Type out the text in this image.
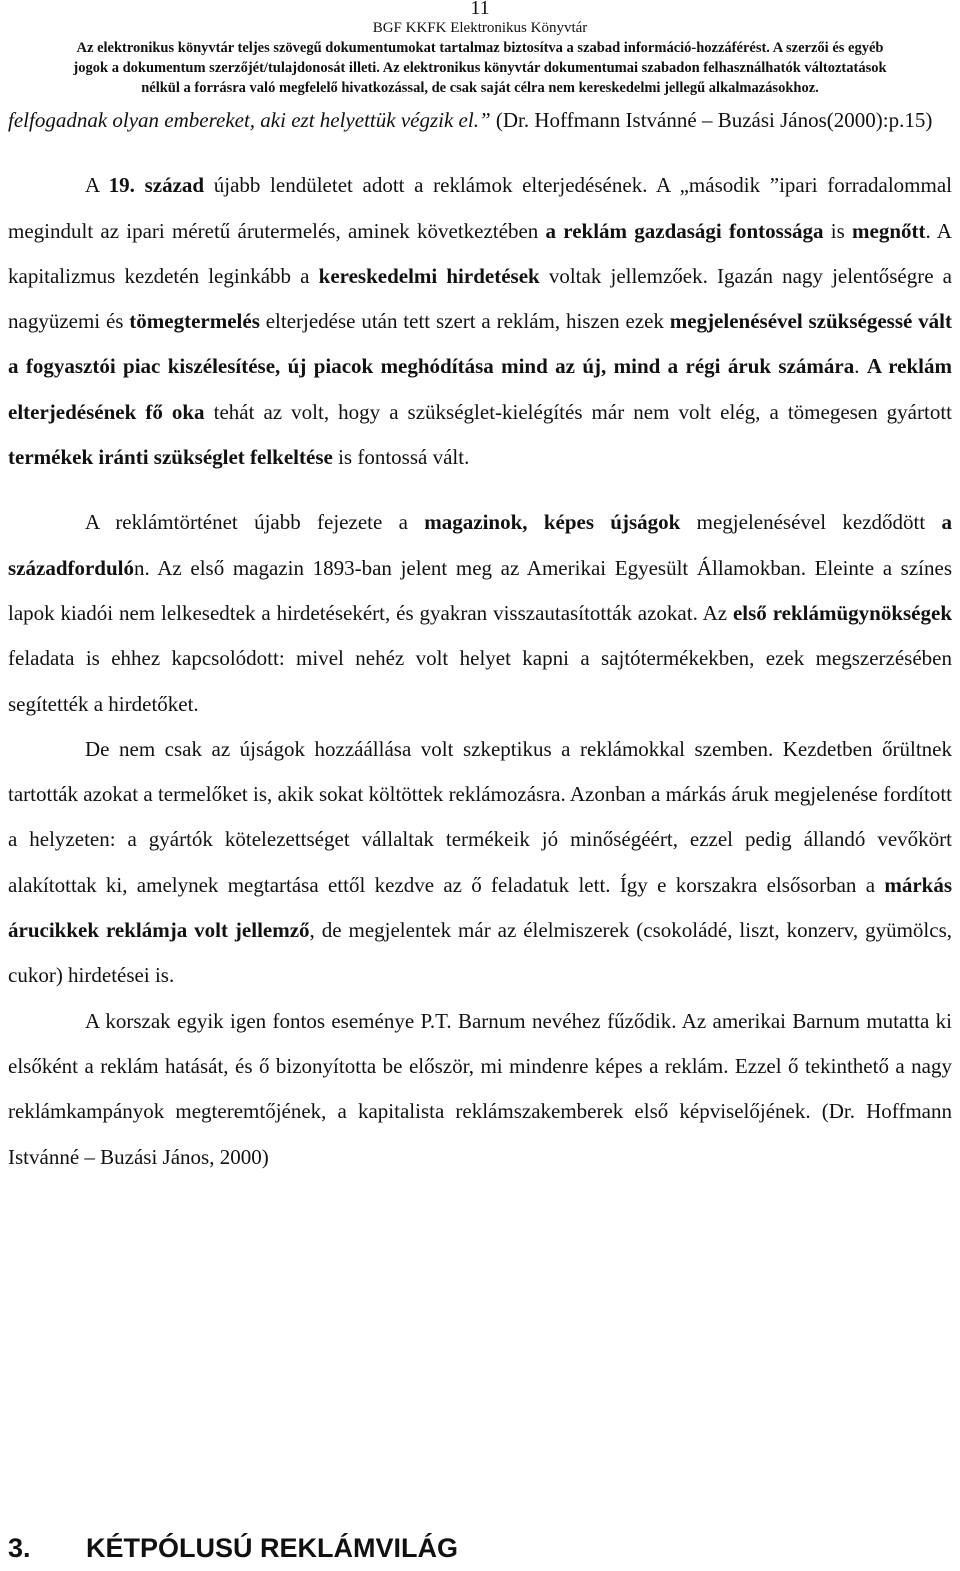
11
BGF KKFK Elektronikus Könyvtár
Az elektronikus könyvtár teljes szövegű dokumentumokat tartalmaz biztosítva a szabad információ-hozzáférést. A szerzői és egyéb
jogok a dokumentum szerzőjét/tulajdonosát illeti. Az elektronikus könyvtár dokumentumai szabadon felhasználhatók változtatások
nélkül a forrásra való megfelelő hivatkozással, de csak saját célra nem kereskedelmi jellegű alkalmazásokhoz.

felfogadnak olyan embereket, aki ezt helyettük végzik el.” (Dr. Hoffmann Istvánné – Buzási János(2000):p.15)

A 19. század újabb lendületet adott a reklámok elterjedésének. A „második ”ipari forradalommal megindult az ipari méretű árutermelés, aminek következtében a reklám gazdasági fontossága is megnőtt. A kapitalizmus kezdetén leginkább a kereskedelmi hirdetések voltak jellemzőek. Igazán nagy jelentőségre a nagyüzemi és tömegtermelés elterjedése után tett szert a reklám, hiszen ezek megjelenésével szükségessé vált a fogyasztói piac kiszélesítése, új piacok meghódítása mind az új, mind a régi áruk számára. A reklám elterjedésének fő oka tehát az volt, hogy a szükséglet-kielégítés már nem volt elég, a tömegesen gyártott termékek iránti szükséglet felkeltése is fontossá vált.

A reklámtörténet újabb fejezete a magazinok, képes újságok megjelenésével kezdődött a századfordulón. Az első magazin 1893-ban jelent meg az Amerikai Egyesült Államokban. Eleinte a színes lapok kiadói nem lelkesedtek a hirdetésekért, és gyakran visszautasították azokat. Az első reklámügynökségek feladata is ehhez kapcsolódott: mivel nehéz volt helyet kapni a sajtótermékekben, ezek megszerzésében segítették a hirdetőket.

De nem csak az újságok hozzáállása volt szkeptikus a reklámokkal szemben. Kezdetben őrültnek tartották azokat a termelőket is, akik sokat költöttek reklámozásra. Azonban a márkás áruk megjelenése fordított a helyzeten: a gyártók kötelezettséget vállaltak termékeik jó minőségéért, ezzel pedig állandó vevőkört alakítottak ki, amelynek megtartása ettől kezdve az ő feladatuk lett. Így e korszakra elsősorban a márkás árucikkek reklámja volt jellemző, de megjelentek már az élelmiszerek (csokoládé, liszt, konzerv, gyümölcs, cukor) hirdetései is.

A korszak egyik igen fontos eseménye P.T. Barnum nevéhez fűződik. Az amerikai Barnum mutatta ki elsőként a reklám hatását, és ő bizonyította be először, mi mindenre képes a reklám. Ezzel ő tekinthető a nagy reklámkampányok megteremtőjének, a kapitalista reklámszakemberek első képviselőjének. (Dr. Hoffmann Istvánné – Buzási János, 2000)

3. KÉTPÓLUSÚ REKLÁMVILÁG
